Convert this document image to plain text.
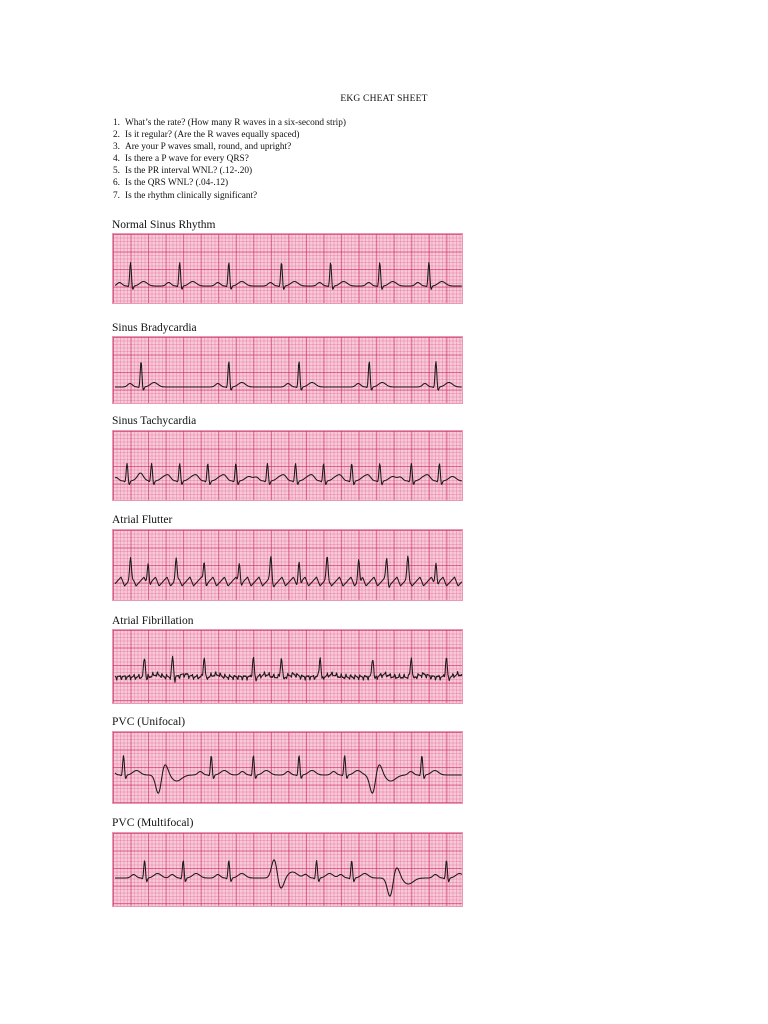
EKG CHEAT SHEET
1. What’s the rate? (How many R waves in a six-second strip)
2. Is it regular? (Are the R waves equally spaced)
3. Are your P waves small, round, and upright?
4. Is there a P wave for every QRS?
5. Is the PR interval WNL? (.12-.20)
6. Is the QRS WNL? (.04-.12)
7. Is the rhythm clinically significant?
Normal Sinus Rhythm
Sinus Bradycardia
Sinus Tachycardia
Atrial Flutter
Atrial Fibrillation
PVC (Unifocal)
PVC (Multifocal)
